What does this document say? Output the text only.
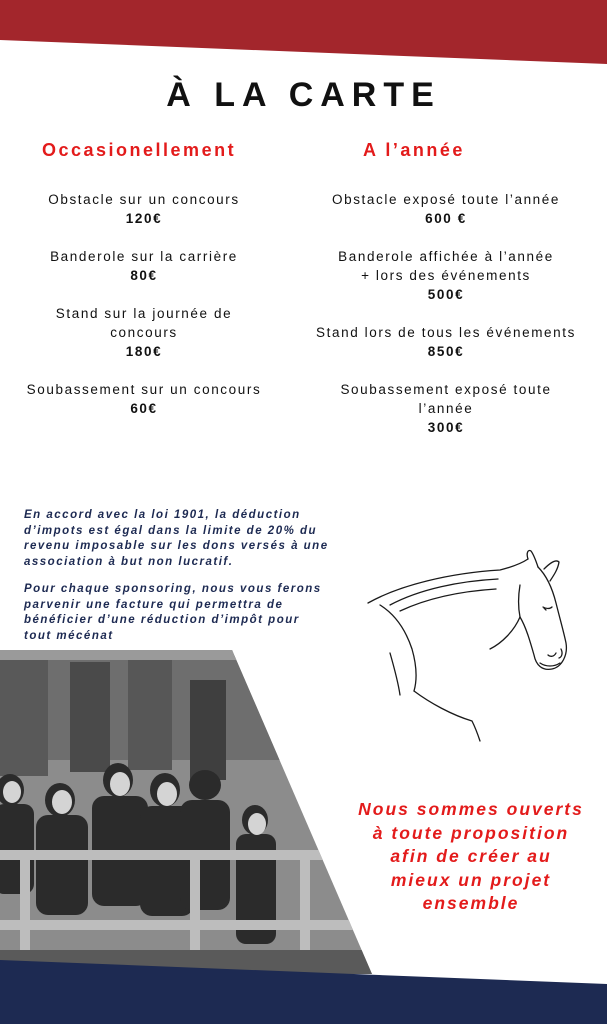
À LA CARTE
Occasionellement	A l’année
Obstacle sur un concours
120€
Banderole sur la carrière
80€
Stand sur la journée de
concours
180€
Soubassement sur un concours
60€
Obstacle exposé toute l’année
600 €
Banderole affichée à l’année
+ lors des événements
500€
Stand lors de tous les événements
850€
Soubassement exposé toute
l’année
300€
En accord avec la loi 1901, la déduction
d’impots est égal dans la limite de 20% du
revenu imposable sur les dons versés à une
association à but non lucratif.
Pour chaque sponsoring, nous vous ferons
parvenir une facture qui permettra de
bénéficier d’une réduction d’impôt pour
tout mécénat
Nous sommes ouverts
à toute proposition
afin de créer au
mieux un projet
ensemble
